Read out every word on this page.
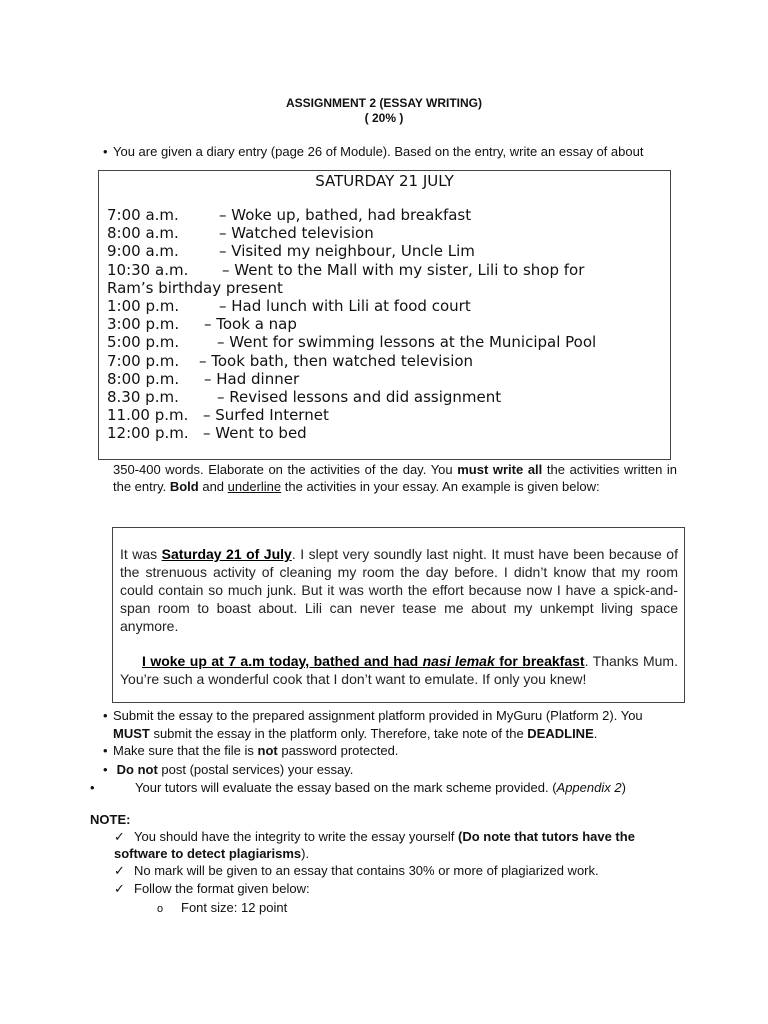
ASSIGNMENT 2 (ESSAY WRITING)
( 20% )
• You are given a diary entry (page 26 of Module). Based on the entry, write an essay of about
SATURDAY 21 JULY
7:00 a.m.	– Woke up, bathed, had breakfast
8:00 a.m.	– Watched television
9:00 a.m.	– Visited my neighbour, Uncle Lim
10:30 a.m. – Went to the Mall with my sister, Lili to shop for
Ram’s birthday present
1:00 p.m.	– Had lunch with Lili at food court
3:00 p.m. – Took a nap
5:00 p.m.	– Went for swimming lessons at the Municipal Pool
7:00 p.m. – Took bath, then watched television
8:00 p.m. – Had dinner
8.30 p.m.	– Revised lessons and did assignment
11.00 p.m. – Surfed Internet
12:00 p.m. – Went to bed
350-400 words. Elaborate on the activities of the day. You must write all the activities written in the entry. Bold and underline the activities in your essay. An example is given below:
It was Saturday 21 of July. I slept very soundly last night. It must have been because of the strenuous activity of cleaning my room the day before. I didn’t know that my room could contain so much junk. But it was worth the effort because now I have a spick-and-span room to boast about. Lili can never tease me about my unkempt living space anymore.
I woke up at 7 a.m today, bathed and had nasi lemak for breakfast. Thanks Mum. You’re such a wonderful cook that I don’t want to emulate. If only you knew!
• Submit the essay to the prepared assignment platform provided in MyGuru (Platform 2). You
MUST submit the essay in the platform only. Therefore, take note of the DEADLINE.
• Make sure that the file is not password protected.
• Do not post (postal services) your essay.
•	Your tutors will evaluate the essay based on the mark scheme provided. (Appendix 2)
NOTE:
✓ You should have the integrity to write the essay yourself (Do note that tutors have the software to detect plagiarisms).
✓ No mark will be given to an essay that contains 30% or more of plagiarized work.
✓ Follow the format given below:
o Font size: 12 point
